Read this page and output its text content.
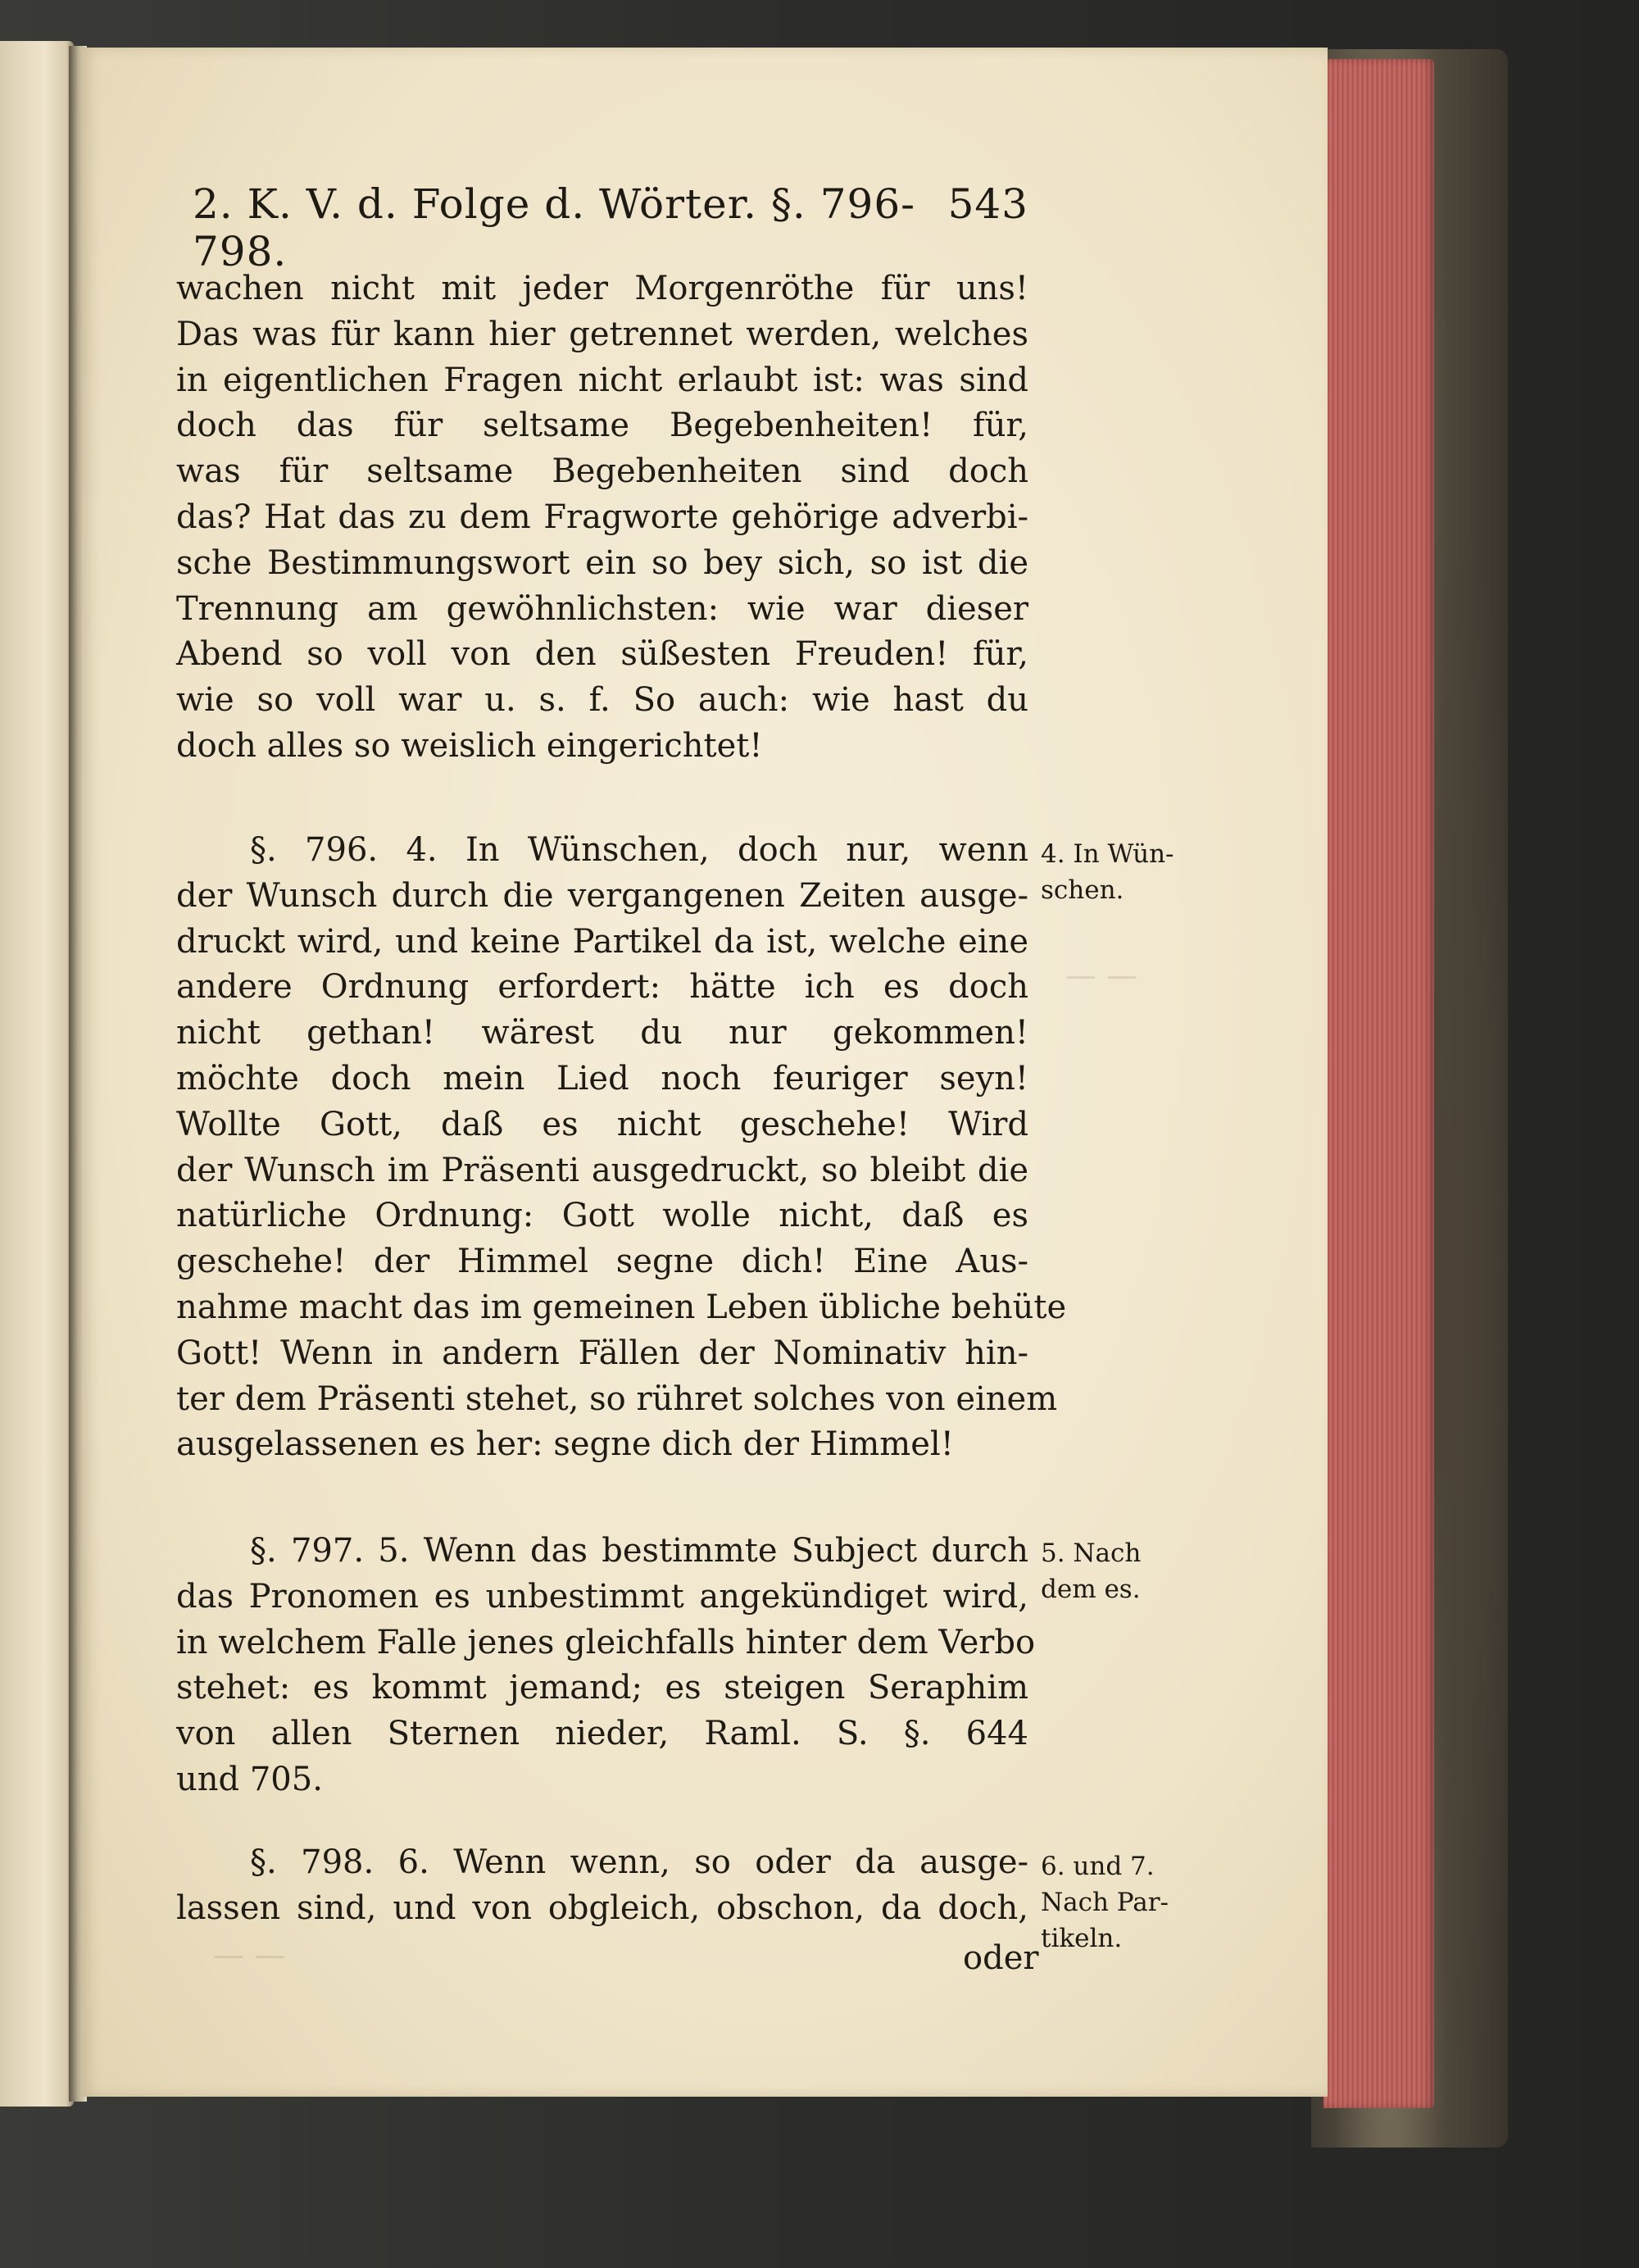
— —
— —
2. K. V. d. Folge d. Wörter. §. 796-798.
543
wachen nicht mit jeder Morgenröthe für uns!
Das was für kann hier getrennet werden, welches
in eigentlichen Fragen nicht erlaubt ist: was sind
doch das für seltsame Begebenheiten! für,
was für seltsame Begebenheiten sind doch
das? Hat das zu dem Fragworte gehörige adverbi-
sche Bestimmungswort ein so bey sich, so ist die
Trennung am gewöhnlichsten: wie war dieser
Abend so voll von den süßesten Freuden! für,
wie so voll war u. s. f. So auch: wie hast du
doch alles so weislich eingerichtet!
§. 796. 4. In Wünschen, doch nur, wenn
der Wunsch durch die vergangenen Zeiten ausge-
druckt wird, und keine Partikel da ist, welche eine
andere Ordnung erfordert: hätte ich es doch
nicht gethan! wärest du nur gekommen!
möchte doch mein Lied noch feuriger seyn!
Wollte Gott, daß es nicht geschehe! Wird
der Wunsch im Präsenti ausgedruckt, so bleibt die
natürliche Ordnung: Gott wolle nicht, daß es
geschehe! der Himmel segne dich! Eine Aus-
nahme macht das im gemeinen Leben übliche behüte
Gott! Wenn in andern Fällen der Nominativ hin-
ter dem Präsenti stehet, so rühret solches von einem
ausgelassenen es her: segne dich der Himmel!
§. 797. 5. Wenn das bestimmte Subject durch
das Pronomen es unbestimmt angekündiget wird,
in welchem Falle jenes gleichfalls hinter dem Verbo
stehet: es kommt jemand; es steigen Seraphim
von allen Sternen nieder, Raml. S. §. 644
und 705.
§. 798. 6. Wenn wenn, so oder da ausge-
lassen sind, und von obgleich, obschon, da doch,
oder
4. In Wün-
schen.
5. Nach
dem es.
6. und 7.
Nach Par-
tikeln.
